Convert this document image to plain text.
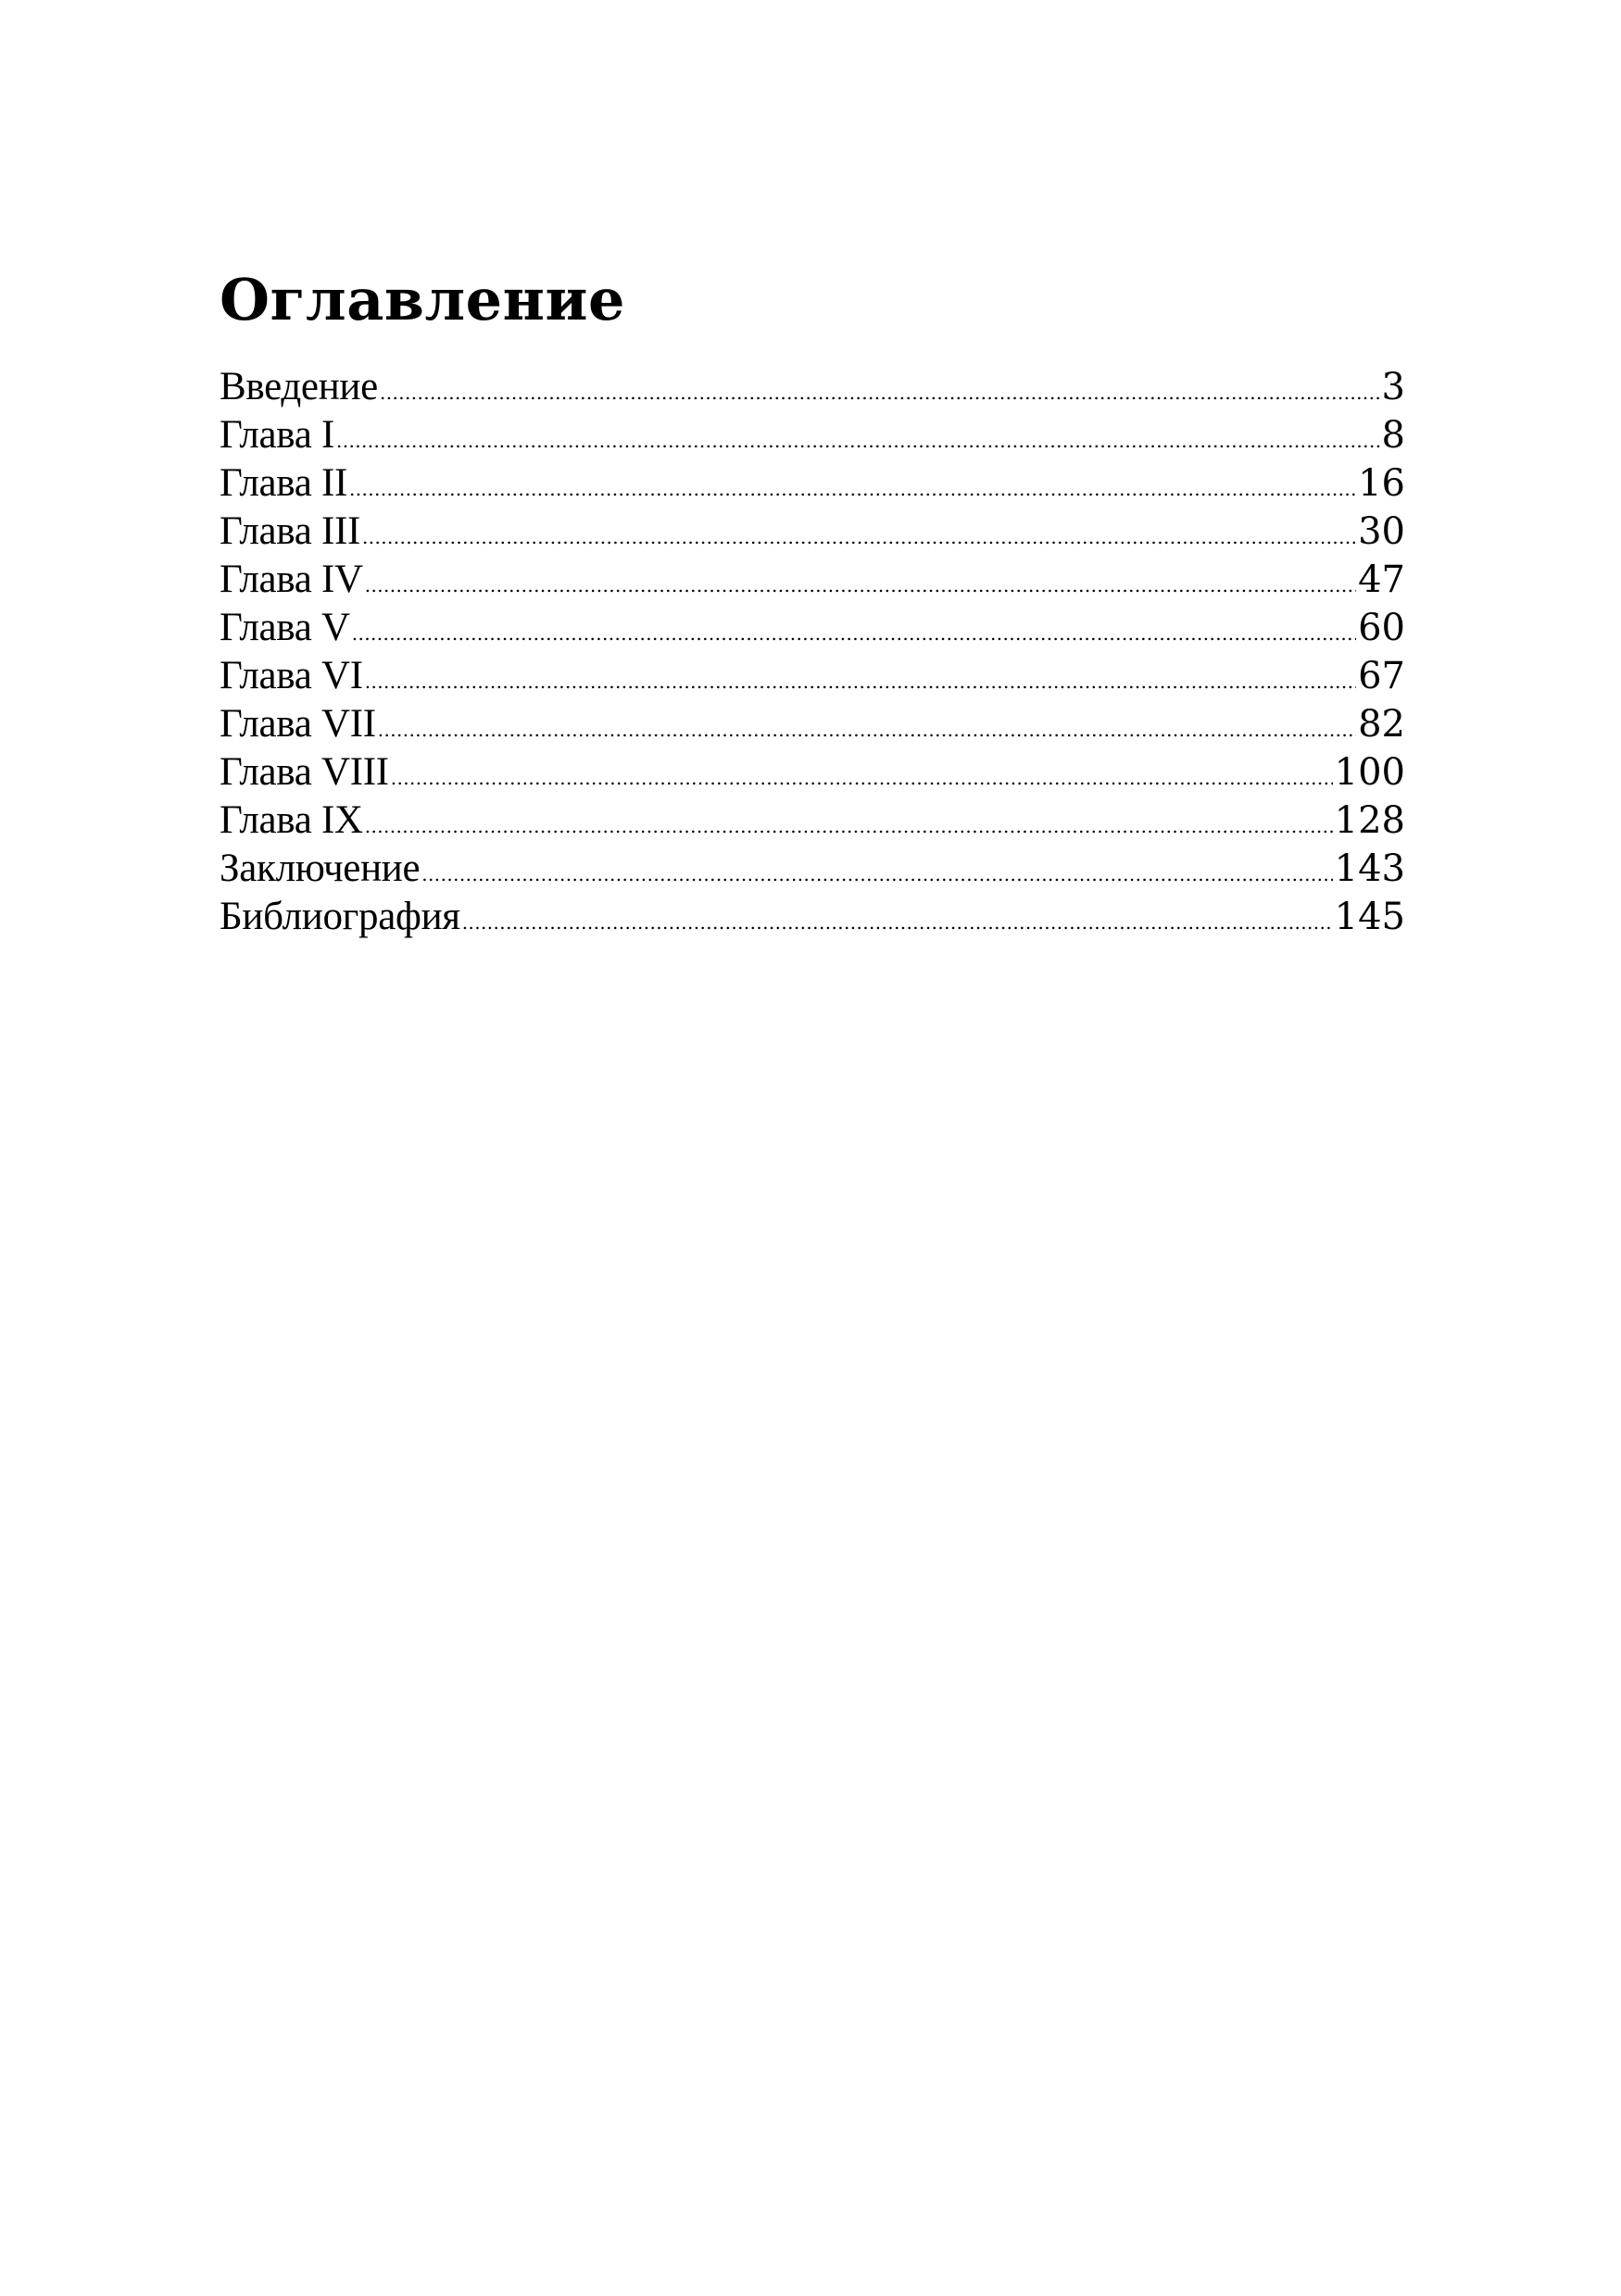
Оглавление
Введение .....	3
Глава I .....	8
Глава II .....	16
Глава III .....	30
Глава IV .....	47
Глава V .....	60
Глава VI .....	67
Глава VII .....	82
Глава VIII .....	100
Глава IX .....	128
Заключение .....	143
Библиография .....	145
